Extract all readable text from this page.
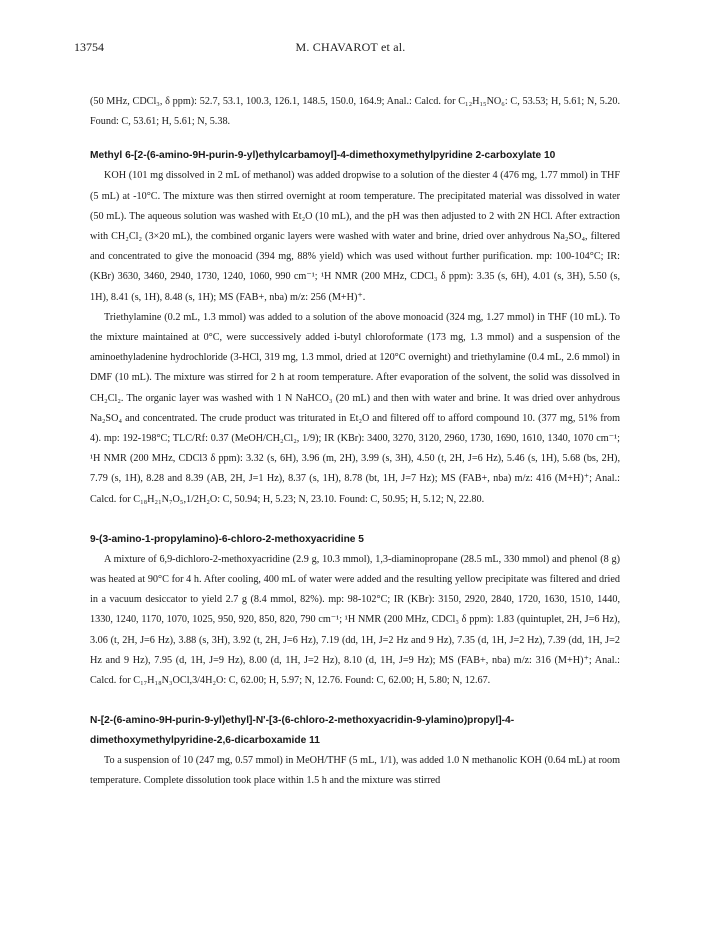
13754	M. CHAVAROT et al.

(50 MHz, CDCl₃, δ ppm): 52.7, 53.1, 100.3, 126.1, 148.5, 150.0, 164.9; Anal.: Calcd. for C₁₂H₁₅NO₆: C, 53.53; H, 5.61; N, 5.20. Found: C, 53.61; H, 5.61; N, 5.38.

Methyl 6-[2-(6-amino-9H-purin-9-yl)ethylcarbamoyl]-4-dimethoxymethylpyridine 2-carboxylate 10

KOH (101 mg dissolved in 2 mL of methanol) was added dropwise to a solution of the diester 4 (476 mg, 1.77 mmol) in THF (5 mL) at -10°C. The mixture was then stirred overnight at room temperature. The precipitated material was dissolved in water (50 mL). The aqueous solution was washed with Et₂O (10 mL), and the pH was then adjusted to 2 with 2N HCl. After extraction with CH₂Cl₂ (3×20 mL), the combined organic layers were washed with water and brine, dried over anhydrous Na₂SO₄, filtered and concentrated to give the monoacid (394 mg, 88% yield) which was used without further purification. mp: 100-104°C; IR: (KBr) 3630, 3460, 2940, 1730, 1240, 1060, 990 cm⁻¹; ¹H NMR (200 MHz, CDCl₃ δ ppm): 3.35 (s, 6H), 4.01 (s, 3H), 5.50 (s, 1H), 8.41 (s, 1H), 8.48 (s, 1H); MS (FAB+, nba) m/z: 256 (M+H)⁺.

Triethylamine (0.2 mL, 1.3 mmol) was added to a solution of the above monoacid (324 mg, 1.27 mmol) in THF (10 mL). To the mixture maintained at 0°C, were successively added i-butyl chloroformate (173 mg, 1.3 mmol) and a suspension of the aminoethyladenine hydrochloride (3-HCl, 319 mg, 1.3 mmol, dried at 120°C overnight) and triethylamine (0.4 mL, 2.6 mmol) in DMF (10 mL). The mixture was stirred for 2 h at room temperature. After evaporation of the solvent, the solid was dissolved in CH₂Cl₂. The organic layer was washed with 1 N NaHCO₃ (20 mL) and then with water and brine. It was dried over anhydrous Na₂SO₄ and concentrated. The crude product was triturated in Et₂O and filtered off to afford compound 10. (377 mg, 51% from 4). mp: 192-198°C; TLC/Rf: 0.37 (MeOH/CH₂Cl₂, 1/9); IR (KBr): 3400, 3270, 3120, 2960, 1730, 1690, 1610, 1340, 1070 cm⁻¹; ¹H NMR (200 MHz, CDCl3 δ ppm): 3.32 (s, 6H), 3.96 (m, 2H), 3.99 (s, 3H), 4.50 (t, 2H, J=6 Hz), 5.46 (s, 1H), 5.68 (bs, 2H), 7.79 (s, 1H), 8.28 and 8.39 (AB, 2H, J=1 Hz), 8.37 (s, 1H), 8.78 (bt, 1H, J=7 Hz); MS (FAB+, nba) m/z: 416 (M+H)⁺; Anal.: Calcd. for C₁₈H₂₁N₇O₅,1/2H₂O: C, 50.94; H, 5.23; N, 23.10. Found: C, 50.95; H, 5.12; N, 22.80.

9-(3-amino-1-propylamino)-6-chloro-2-methoxyacridine 5

A mixture of 6,9-dichloro-2-methoxyacridine (2.9 g, 10.3 mmol), 1,3-diaminopropane (28.5 mL, 330 mmol) and phenol (8 g) was heated at 90°C for 4 h. After cooling, 400 mL of water were added and the resulting yellow precipitate was filtered and dried in a vacuum desiccator to yield 2.7 g (8.4 mmol, 82%). mp: 98-102°C; IR (KBr): 3150, 2920, 2840, 1720, 1630, 1510, 1440, 1330, 1240, 1170, 1070, 1025, 950, 920, 850, 820, 790 cm⁻¹; ¹H NMR (200 MHz, CDCl₃ δ ppm): 1.83 (quintuplet, 2H, J=6 Hz), 3.06 (t, 2H, J=6 Hz), 3.88 (s, 3H), 3.92 (t, 2H, J=6 Hz), 7.19 (dd, 1H, J=2 Hz and 9 Hz), 7.35 (d, 1H, J=2 Hz), 7.39 (dd, 1H, J=2 Hz and 9 Hz), 7.95 (d, 1H, J=9 Hz), 8.00 (d, 1H, J=2 Hz), 8.10 (d, 1H, J=9 Hz); MS (FAB+, nba) m/z: 316 (M+H)⁺; Anal.: Calcd. for C₁₇H₁₈N₃OCl,3/4H₂O: C, 62.00; H, 5.97; N, 12.76. Found: C, 62.00; H, 5.80; N, 12.67.

N-[2-(6-amino-9H-purin-9-yl)ethyl]-N'-[3-(6-chloro-2-methoxyacridin-9-ylamino)propyl]-4-dimethoxymethylpyridine-2,6-dicarboxamide 11

To a suspension of 10 (247 mg, 0.57 mmol) in MeOH/THF (5 mL, 1/1), was added 1.0 N methanolic KOH (0.64 mL) at room temperature. Complete dissolution took place within 1.5 h and the mixture was stirred
